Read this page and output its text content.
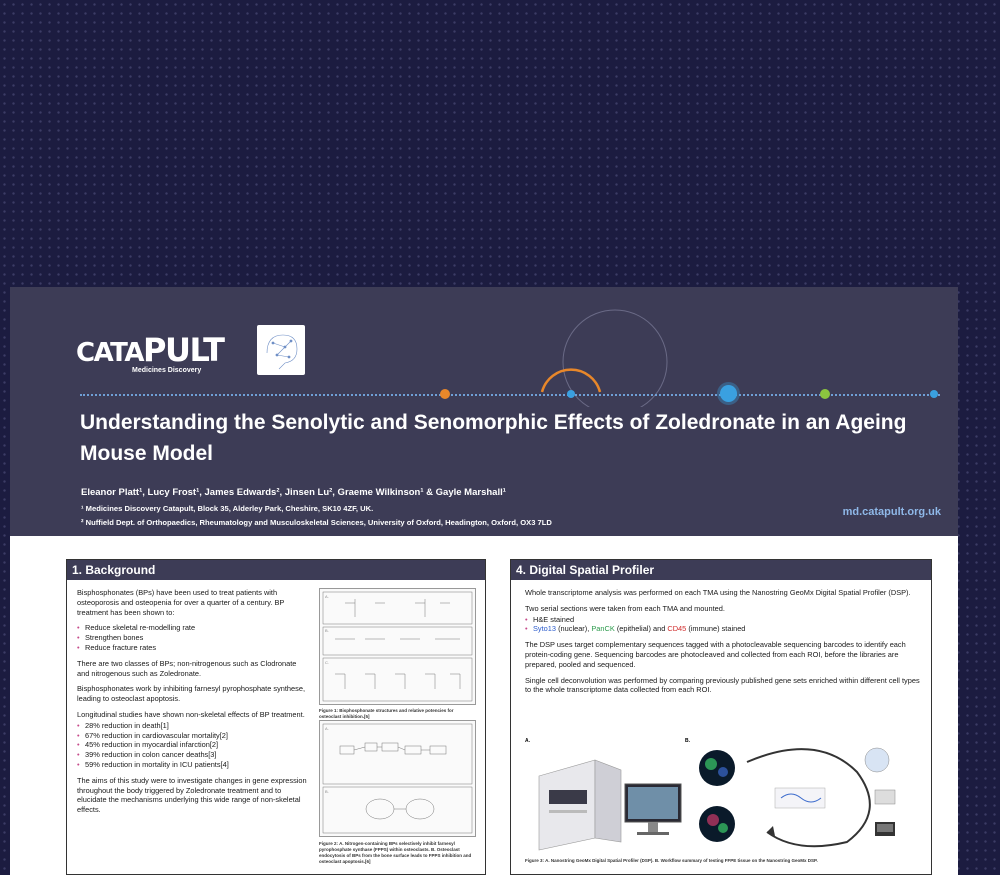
CATAPULT
Medicines Discovery
Understanding the Senolytic and Senomorphic Effects of Zoledronate in an Ageing Mouse Model
Eleanor Platt¹, Lucy Frost¹, James Edwards², Jinsen Lu², Graeme Wilkinson¹ & Gayle Marshall¹
¹ Medicines Discovery Catapult, Block 35, Alderley Park, Cheshire, SK10 4ZF, UK.
² Nuffield Dept. of Orthopaedics, Rheumatology and Musculoskeletal Sciences, University of Oxford, Headington, Oxford, OX3 7LD
md.catapult.org.uk
1. Background

Bisphosphonates (BPs) have been used to treat patients with osteoporosis and osteopenia for over a quarter of a century. BP treatment has been shown to:

• Reduce skeletal re-modelling rate
• Strengthen bones
• Reduce fracture rates

There are two classes of BPs; non-nitrogenous such as Clodronate and nitrogenous such as Zoledronate.

Bisphosphonates work by inhibiting farnesyl pyrophosphate synthese, leading to osteoclast apoptosis.

Longitudinal studies have shown non-skeletal effects of BP treatment.

• 28% reduction in death[1]
• 67% reduction in cardiovascular mortality[2]
• 45% reduction in myocardial infarction[2]
• 39% reduction in colon cancer deaths[3]
• 59% reduction in mortality in ICU patients[4]

The aims of this study were to investigate changes in gene expression throughout the body triggered by Zoledronate treatment and to elucidate the mechanisms underlying this wide range of non-skeletal effects.

A.
B.
C.
Figure 1: Bisphosphonate structures and relative potencies for osteoclast inhibition.[5]
A.
B.
Figure 2: A. Nitrogen-containing BPs selectively inhibit farnesyl pyrophosphate synthase (FPPS) within osteoclasts. B. Osteoclast endocytosis of BPs from the bone surface leads to FPPS inhibition and osteoclast apoptosis.[6]
4. Digital Spatial Profiler

Whole transcriptome analysis was performed on each TMA using the Nanostring GeoMx Digital Spatial Profiler (DSP).

Two serial sections were taken from each TMA and mounted.

• H&E stained
• Syto13 (nuclear), PanCK (epithelial) and CD45 (immune) stained

The DSP uses target complementary sequences tagged with a photocleavable sequencing barcodes to identify each protein-coding gene. Sequencing barcodes are photocleaved and collected from each ROI, before the libraries are prepared, pooled and sequenced.

Single cell deconvolution was performed by comparing previously published gene sets enriched within different cell types to the whole transcriptome data collected from each ROI.

A.	B.
Figure 3: A. Nanostring GeoMx Digital Spatial Profiler (DSP). B. Workflow summary of testing FFPE tissue on the Nanostring GeoMx DSP.
